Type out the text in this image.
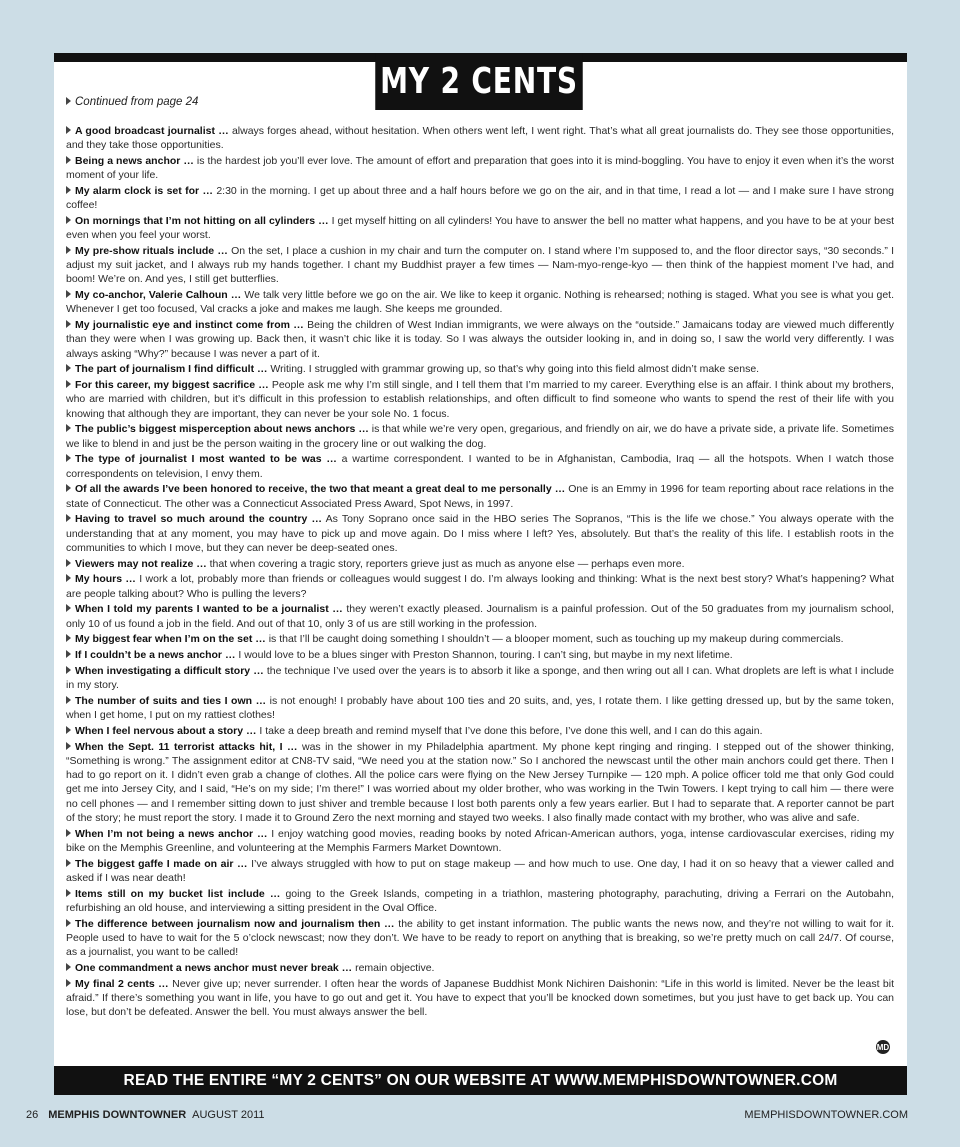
MY 2 CENTS
Continued from page 24
A good broadcast journalist … always forges ahead, without hesitation. When others went left, I went right. That’s what all great journalists do. They see those opportunities, and they take those opportunities.
Being a news anchor … is the hardest job you’ll ever love. The amount of effort and preparation that goes into it is mind-boggling. You have to enjoy it even when it’s the worst moment of your life.
My alarm clock is set for … 2:30 in the morning. I get up about three and a half hours before we go on the air, and in that time, I read a lot — and I make sure I have strong coffee!
On mornings that I’m not hitting on all cylinders … I get myself hitting on all cylinders! You have to answer the bell no matter what happens, and you have to be at your best even when you feel your worst.
My pre-show rituals include … On the set, I place a cushion in my chair and turn the computer on. I stand where I’m supposed to, and the floor director says, “30 seconds.” I adjust my suit jacket, and I always rub my hands together. I chant my Buddhist prayer a few times — Nam-myo-renge-kyo — then think of the happiest moment I’ve had, and boom! We’re on. And yes, I still get butterflies.
My co-anchor, Valerie Calhoun … We talk very little before we go on the air. We like to keep it organic. Nothing is rehearsed; nothing is staged. What you see is what you get. Whenever I get too focused, Val cracks a joke and makes me laugh. She keeps me grounded.
My journalistic eye and instinct come from … Being the children of West Indian immigrants, we were always on the “outside.” Jamaicans today are viewed much differently than they were when I was growing up. Back then, it wasn’t chic like it is today. So I was always the outsider looking in, and in doing so, I saw the world very differently. I was always asking “Why?” because I was never a part of it.
The part of journalism I find difficult … Writing. I struggled with grammar growing up, so that’s why going into this field almost didn’t make sense.
For this career, my biggest sacrifice … People ask me why I’m still single, and I tell them that I’m married to my career. Everything else is an affair. I think about my brothers, who are married with children, but it’s difficult in this profession to establish relationships, and often difficult to find someone who wants to spend the rest of their life with you knowing that although they are important, they can never be your sole No. 1 focus.
The public’s biggest misperception about news anchors … is that while we’re very open, gregarious, and friendly on air, we do have a private side, a private life. Sometimes we like to blend in and just be the person waiting in the grocery line or out walking the dog.
The type of journalist I most wanted to be was … a wartime correspondent. I wanted to be in Afghanistan, Cambodia, Iraq — all the hotspots. When I watch those correspondents on television, I envy them.
Of all the awards I’ve been honored to receive, the two that meant a great deal to me personally … One is an Emmy in 1996 for team reporting about race relations in the state of Connecticut. The other was a Connecticut Associated Press Award, Spot News, in 1997.
Having to travel so much around the country … As Tony Soprano once said in the HBO series The Sopranos, “This is the life we chose.” You always operate with the understanding that at any moment, you may have to pick up and move again. Do I miss where I left? Yes, absolutely. But that’s the reality of this life. I establish roots in the communities to which I move, but they can never be deep-seated ones.
Viewers may not realize … that when covering a tragic story, reporters grieve just as much as anyone else — perhaps even more.
My hours … I work a lot, probably more than friends or colleagues would suggest I do. I’m always looking and thinking: What is the next best story? What’s happening? What are people talking about? Who is pulling the levers?
When I told my parents I wanted to be a journalist … they weren’t exactly pleased. Journalism is a painful profession. Out of the 50 graduates from my journalism school, only 10 of us found a job in the field. And out of that 10, only 3 of us are still working in the profession.
My biggest fear when I’m on the set … is that I’ll be caught doing something I shouldn’t — a blooper moment, such as touching up my makeup during commercials.
If I couldn’t be a news anchor … I would love to be a blues singer with Preston Shannon, touring. I can’t sing, but maybe in my next lifetime.
When investigating a difficult story … the technique I’ve used over the years is to absorb it like a sponge, and then wring out all I can. What droplets are left is what I include in my story.
The number of suits and ties I own … is not enough! I probably have about 100 ties and 20 suits, and, yes, I rotate them. I like getting dressed up, but by the same token, when I get home, I put on my rattiest clothes!
When I feel nervous about a story … I take a deep breath and remind myself that I’ve done this before, I’ve done this well, and I can do this again.
When the Sept. 11 terrorist attacks hit, I … was in the shower in my Philadelphia apartment. My phone kept ringing and ringing. I stepped out of the shower thinking, “Something is wrong.” The assignment editor at CN8-TV said, “We need you at the station now.” So I anchored the newscast until the other main anchors could get there. Then I had to go report on it. I didn’t even grab a change of clothes. All the police cars were flying on the New Jersey Turnpike — 120 mph. A police officer told me that only God could get me into Jersey City, and I said, “He’s on my side; I’m there!” I was worried about my older brother, who was working in the Twin Towers. I kept trying to call him — there were no cell phones — and I remember sitting down to just shiver and tremble because I lost both parents only a few years earlier. But I had to separate that. A reporter cannot be part of the story; he must report the story. I made it to Ground Zero the next morning and stayed two weeks. I also finally made contact with my brother, who was alive and safe.
When I’m not being a news anchor … I enjoy watching good movies, reading books by noted African-American authors, yoga, intense cardiovascular exercises, riding my bike on the Memphis Greenline, and volunteering at the Memphis Farmers Market Downtown.
The biggest gaffe I made on air … I’ve always struggled with how to put on stage makeup — and how much to use. One day, I had it on so heavy that a viewer called and asked if I was near death!
Items still on my bucket list include … going to the Greek Islands, competing in a triathlon, mastering photography, parachuting, driving a Ferrari on the Autobahn, refurbishing an old house, and interviewing a sitting president in the Oval Office.
The difference between journalism now and journalism then … the ability to get instant information. The public wants the news now, and they’re not willing to wait for it. People used to have to wait for the 5 o’clock newscast; now they don’t. We have to be ready to report on anything that is breaking, so we’re pretty much on call 24/7. Of course, as a journalist, you want to be called!
One commandment a news anchor must never break … remain objective.
My final 2 cents … Never give up; never surrender. I often hear the words of Japanese Buddhist Monk Nichiren Daishonin: “Life in this world is limited. Never be the least bit afraid.” If there’s something you want in life, you have to go out and get it. You have to expect that you’ll be knocked down sometimes, but you just have to get back up. You can lose, but don’t be defeated. Answer the bell. You must always answer the bell.
MD
READ THE ENTIRE “MY 2 CENTS” ON OUR WEBSITE AT WWW.MEMPHISDOWNTOWNER.COM
26 MEMPHIS DOWNTOWNER AUGUST 2011	MEMPHISDOWNTOWNER.COM
